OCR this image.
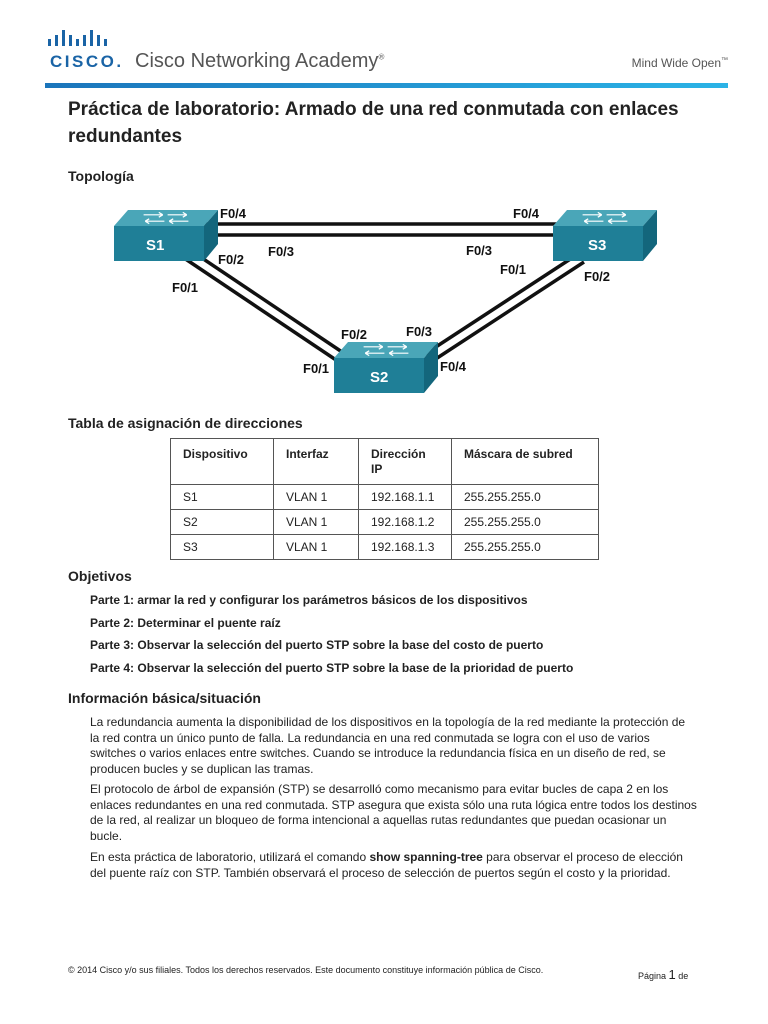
CISCO. Cisco Networking Academy®	Mind Wide Open™
Práctica de laboratorio: Armado de una red conmutada con enlaces redundantes
Topología
S1	S3
S2
F0/4
F0/3
F0/2
F0/1
F0/4
F0/3
F0/1	F0/2
F0/2	F0/3
F0/1	F0/4
Tabla de asignación de direcciones
Dispositivo	Interfaz	Dirección IP	Máscara de subred
S1	VLAN 1	192.168.1.1	255.255.255.0
S2	VLAN 1	192.168.1.2	255.255.255.0
S3	VLAN 1	192.168.1.3	255.255.255.0
Objetivos
Parte 1: armar la red y configurar los parámetros básicos de los dispositivos
Parte 2: Determinar el puente raíz
Parte 3: Observar la selección del puerto STP sobre la base del costo de puerto
Parte 4: Observar la selección del puerto STP sobre la base de la prioridad de puerto
Información básica/situación

La redundancia aumenta la disponibilidad de los dispositivos en la topología de la red mediante la protección de la red contra un único punto de falla. La redundancia en una red conmutada se logra con el uso de varios switches o varios enlaces entre switches. Cuando se introduce la redundancia física en un diseño de red, se producen bucles y se duplican las tramas.

El protocolo de árbol de expansión (STP) se desarrolló como mecanismo para evitar bucles de capa 2 en los enlaces redundantes en una red conmutada. STP asegura que exista sólo una ruta lógica entre todos los destinos de la red, al realizar un bloqueo de forma intencional a aquellas rutas redundantes que puedan ocasionar un bucle.

En esta práctica de laboratorio, utilizará el comando show spanning-tree para observar el proceso de elección del puente raíz con STP. También observará el proceso de selección de puertos según el costo y la prioridad.

© 2014 Cisco y/o sus filiales. Todos los derechos reservados. Este documento constituye información pública de Cisco.
Página 1 de
